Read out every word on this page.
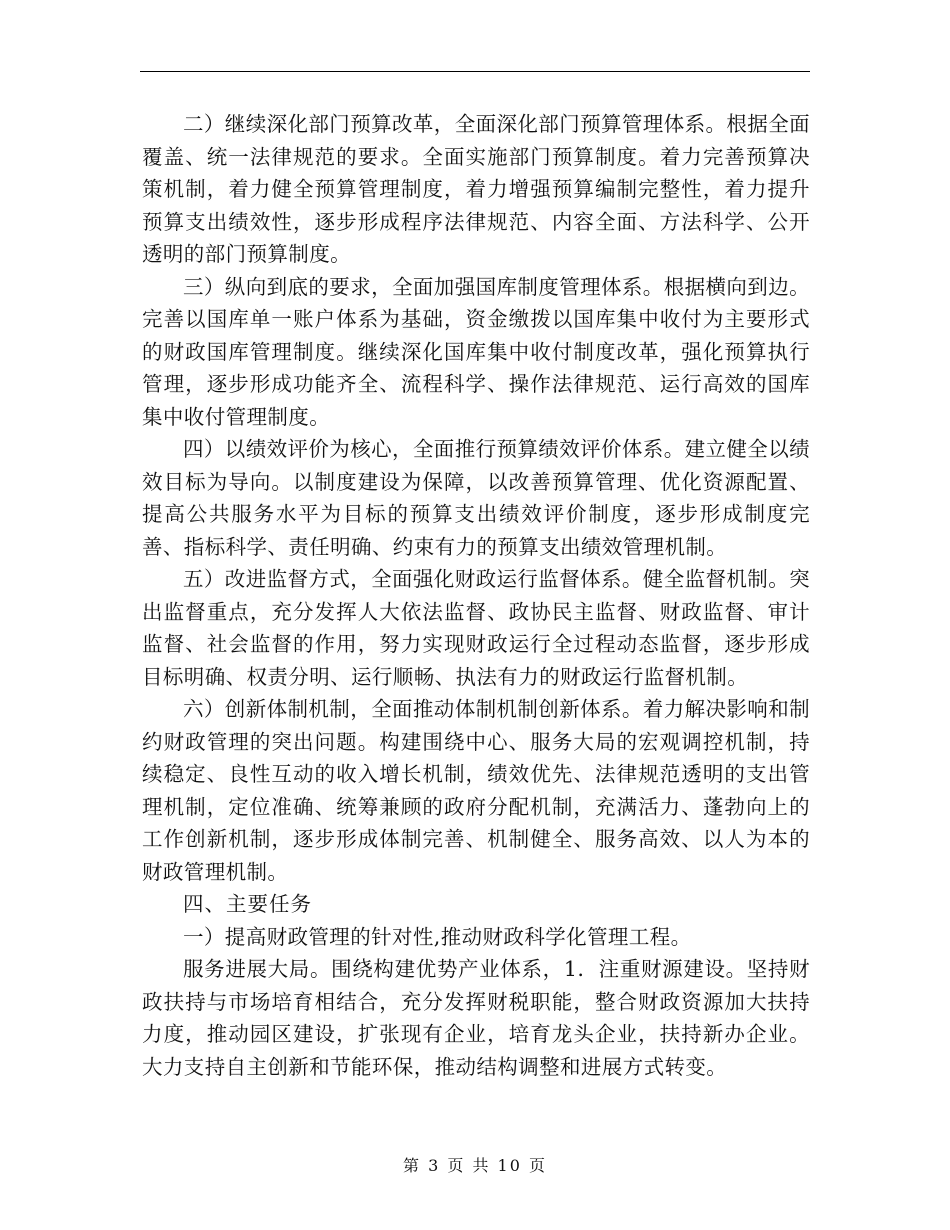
二）继续深化部门预算改革，全面深化部门预算管理体系。根据全面覆盖、统一法律规范的要求。全面实施部门预算制度。着力完善预算决策机制，着力健全预算管理制度，着力增强预算编制完整性，着力提升预算支出绩效性，逐步形成程序法律规范、内容全面、方法科学、公开透明的部门预算制度。

三）纵向到底的要求，全面加强国库制度管理体系。根据横向到边。完善以国库单一账户体系为基础，资金缴拨以国库集中收付为主要形式的财政国库管理制度。继续深化国库集中收付制度改革，强化预算执行管理，逐步形成功能齐全、流程科学、操作法律规范、运行高效的国库集中收付管理制度。

四）以绩效评价为核心，全面推行预算绩效评价体系。建立健全以绩效目标为导向。以制度建设为保障，以改善预算管理、优化资源配置、提高公共服务水平为目标的预算支出绩效评价制度，逐步形成制度完善、指标科学、责任明确、约束有力的预算支出绩效管理机制。

五）改进监督方式，全面强化财政运行监督体系。健全监督机制。突出监督重点，充分发挥人大依法监督、政协民主监督、财政监督、审计监督、社会监督的作用，努力实现财政运行全过程动态监督，逐步形成目标明确、权责分明、运行顺畅、执法有力的财政运行监督机制。

六）创新体制机制，全面推动体制机制创新体系。着力解决影响和制约财政管理的突出问题。构建围绕中心、服务大局的宏观调控机制，持续稳定、良性互动的收入增长机制，绩效优先、法律规范透明的支出管理机制，定位准确、统筹兼顾的政府分配机制，充满活力、蓬勃向上的工作创新机制，逐步形成体制完善、机制健全、服务高效、以人为本的财政管理机制。

四、主要任务

一）提高财政管理的针对性,推动财政科学化管理工程。

服务进展大局。围绕构建优势产业体系，1．注重财源建设。坚持财政扶持与市场培育相结合，充分发挥财税职能，整合财政资源加大扶持力度，推动园区建设，扩张现有企业，培育龙头企业，扶持新办企业。大力支持自主创新和节能环保，推动结构调整和进展方式转变。

第 3 页 共 10 页
